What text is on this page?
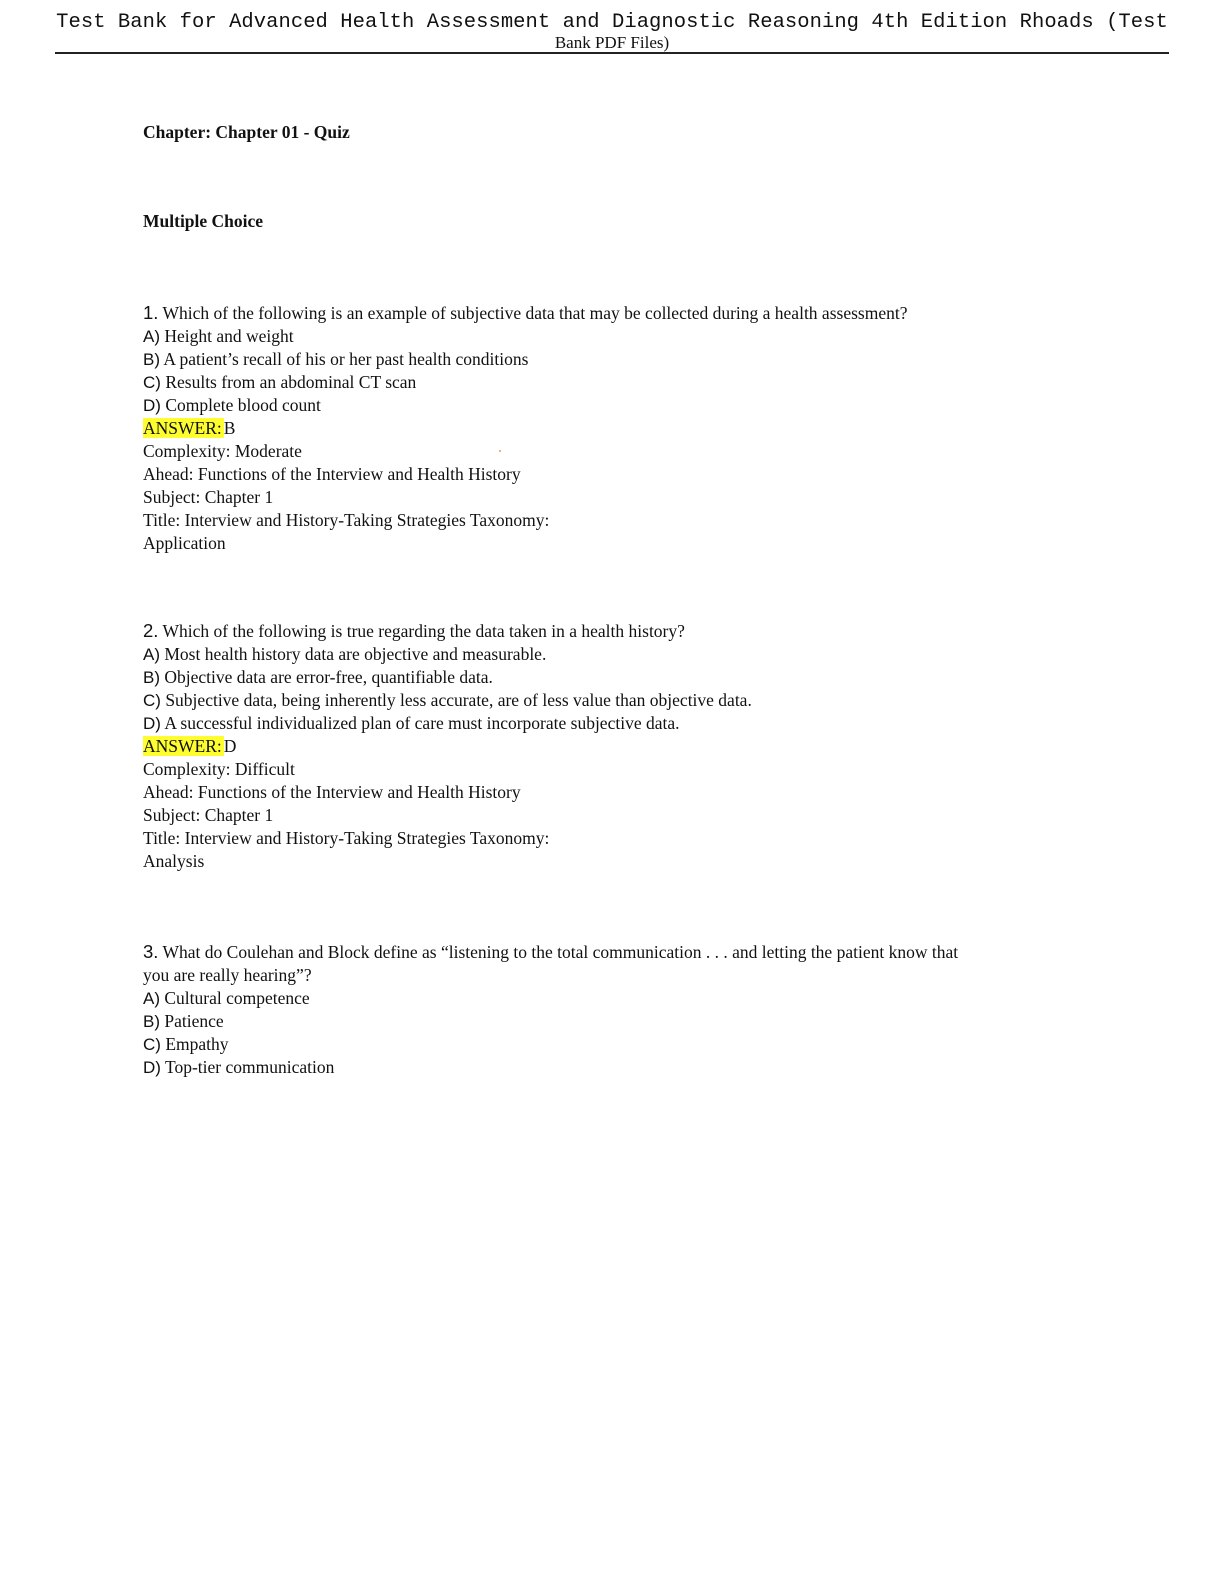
Test Bank for Advanced Health Assessment and Diagnostic Reasoning 4th Edition Rhoads (Test
Bank PDF Files)
Chapter: Chapter 01 - Quiz
Multiple Choice
1. Which of the following is an example of subjective data that may be collected during a health assessment?
A) Height and weight
B) A patient’s recall of his or her past health conditions
C) Results from an abdominal CT scan
D) Complete blood count
ANSWER: B
Complexity: Moderate
Ahead: Functions of the Interview and Health History
Subject: Chapter 1
Title: Interview and History-Taking Strategies Taxonomy:
Application
2. Which of the following is true regarding the data taken in a health history?
A) Most health history data are objective and measurable.
B) Objective data are error-free, quantifiable data.
C) Subjective data, being inherently less accurate, are of less value than objective data.
D) A successful individualized plan of care must incorporate subjective data.
ANSWER: D
Complexity: Difficult
Ahead: Functions of the Interview and Health History
Subject: Chapter 1
Title: Interview and History-Taking Strategies Taxonomy:
Analysis
3. What do Coulehan and Block define as “listening to the total communication . . . and letting the patient know that you are really hearing”?
A) Cultural competence
B) Patience
C) Empathy
D) Top-tier communication
